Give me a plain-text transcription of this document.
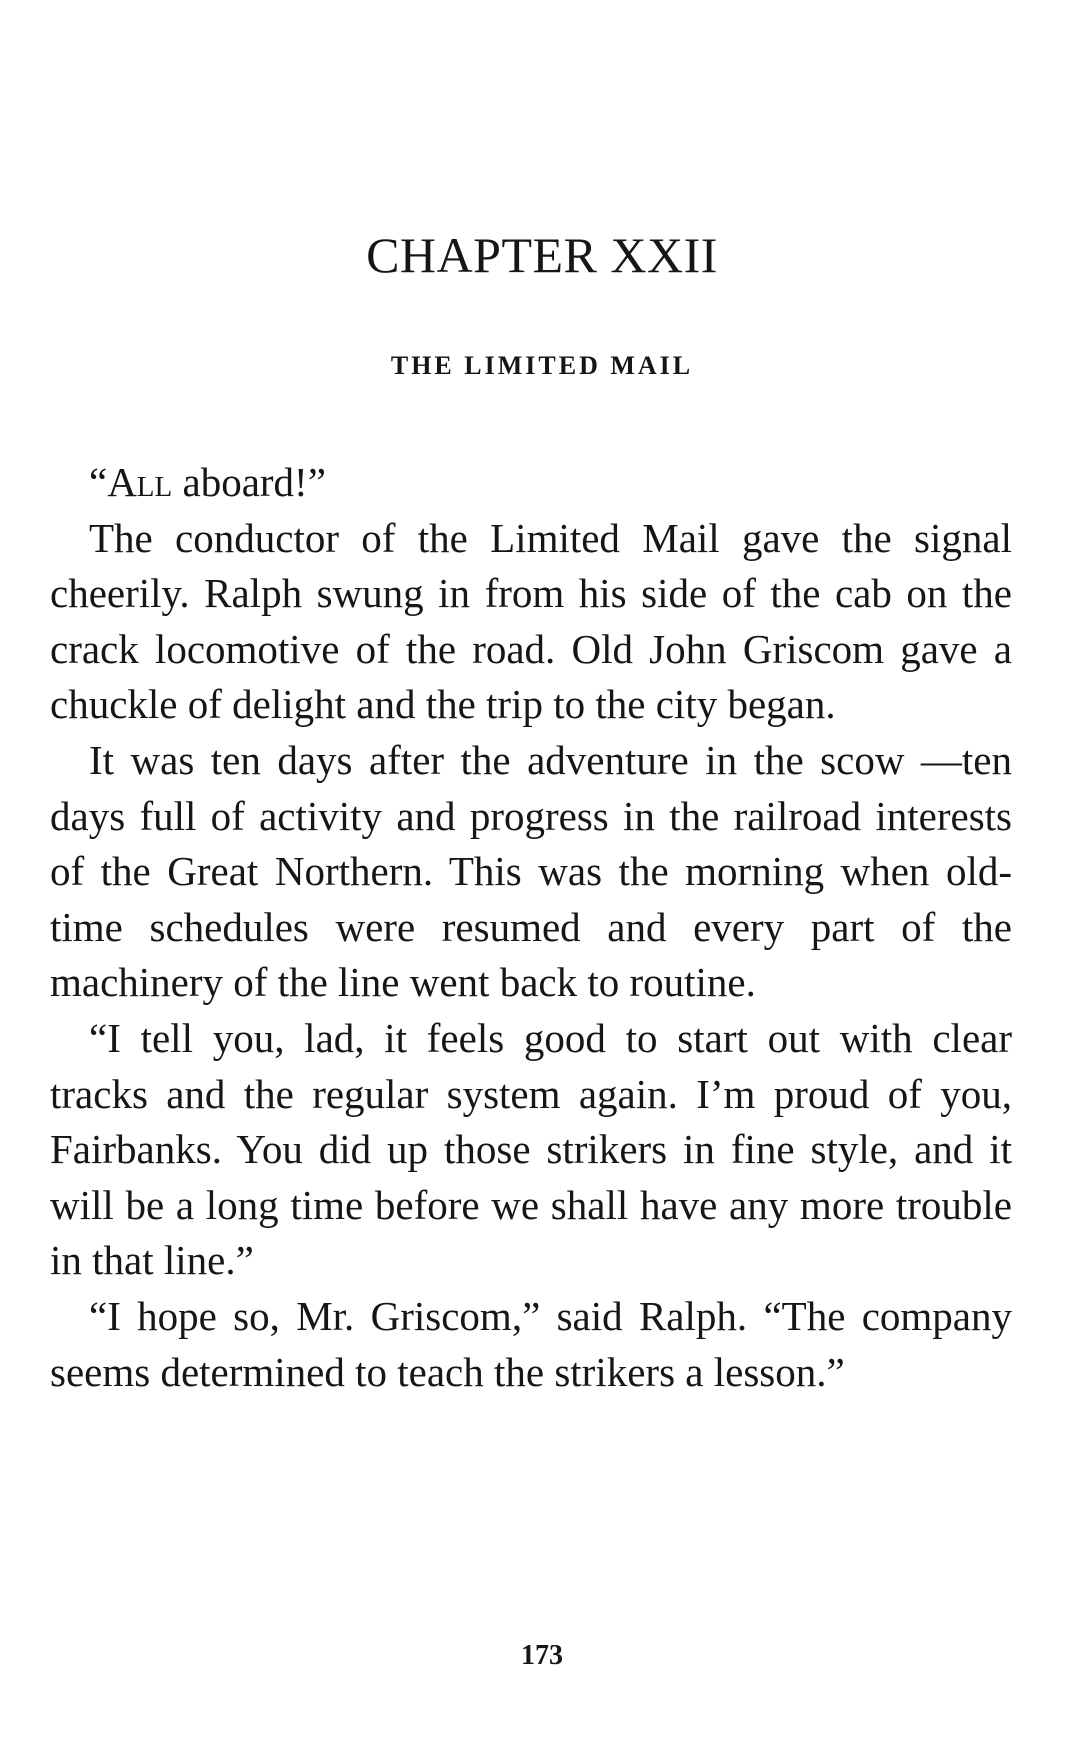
CHAPTER XXII
THE LIMITED MAIL

“All aboard!”

The conductor of the Limited Mail gave the signal cheerily. Ralph swung in from his side of the cab on the crack locomotive of the road. Old John Griscom gave a chuckle of delight and the trip to the city began.

It was ten days after the adventure in the scow —ten days full of activity and progress in the railroad interests of the Great Northern. This was the morning when old-time schedules were resumed and every part of the machinery of the line went back to routine.

“I tell you, lad, it feels good to start out with clear tracks and the regular system again. I’m proud of you, Fairbanks. You did up those strikers in fine style, and it will be a long time before we shall have any more trouble in that line.”

“I hope so, Mr. Griscom,” said Ralph. “The company seems determined to teach the strikers a lesson.”

173
